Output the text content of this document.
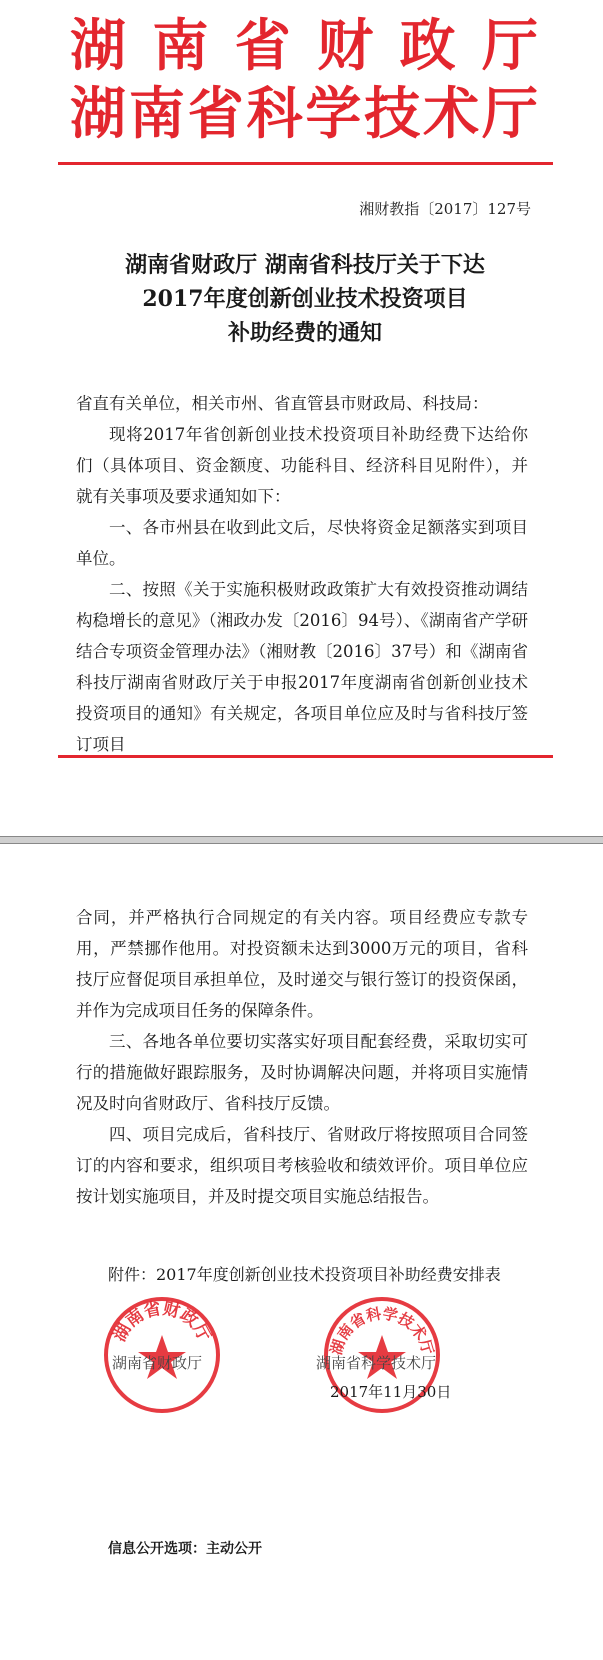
湖南省财政厅
湖南省科学技术厅
湘财教指〔2017〕127号
湖南省财政厅 湖南省科技厅关于下达
2017年度创新创业技术投资项目
补助经费的通知

省直有关单位，相关市州、省直管县市财政局、科技局：

现将2017年省创新创业技术投资项目补助经费下达给你们（具体项目、资金额度、功能科目、经济科目见附件），并就有关事项及要求通知如下：

一、各市州县在收到此文后，尽快将资金足额落实到项目单位。

二、按照《关于实施积极财政政策扩大有效投资推动调结构稳增长的意见》（湘政办发〔2016〕94号）、《湖南省产学研结合专项资金管理办法》（湘财教〔2016〕37号）和《湖南省科技厅湖南省财政厅关于申报2017年度湖南省创新创业技术投资项目的通知》有关规定，各项目单位应及时与省科技厅签订项目

合同，并严格执行合同规定的有关内容。项目经费应专款专用，严禁挪作他用。对投资额未达到3000万元的项目，省科技厅应督促项目承担单位，及时递交与银行签订的投资保函，并作为完成项目任务的保障条件。

三、各地各单位要切实落实好项目配套经费，采取切实可行的措施做好跟踪服务，及时协调解决问题，并将项目实施情况及时向省财政厅、省科技厅反馈。

四、项目完成后，省科技厅、省财政厅将按照项目合同签订的内容和要求，组织项目考核验收和绩效评价。项目单位应按计划实施项目，并及时提交项目实施总结报告。

附件：2017年度创新创业技术投资项目补助经费安排表
湖南省财政厅
湖南省科学技术厅
湖南省财政厅	湖南省科学技术厅
2017年11月30日
信息公开选项：主动公开
